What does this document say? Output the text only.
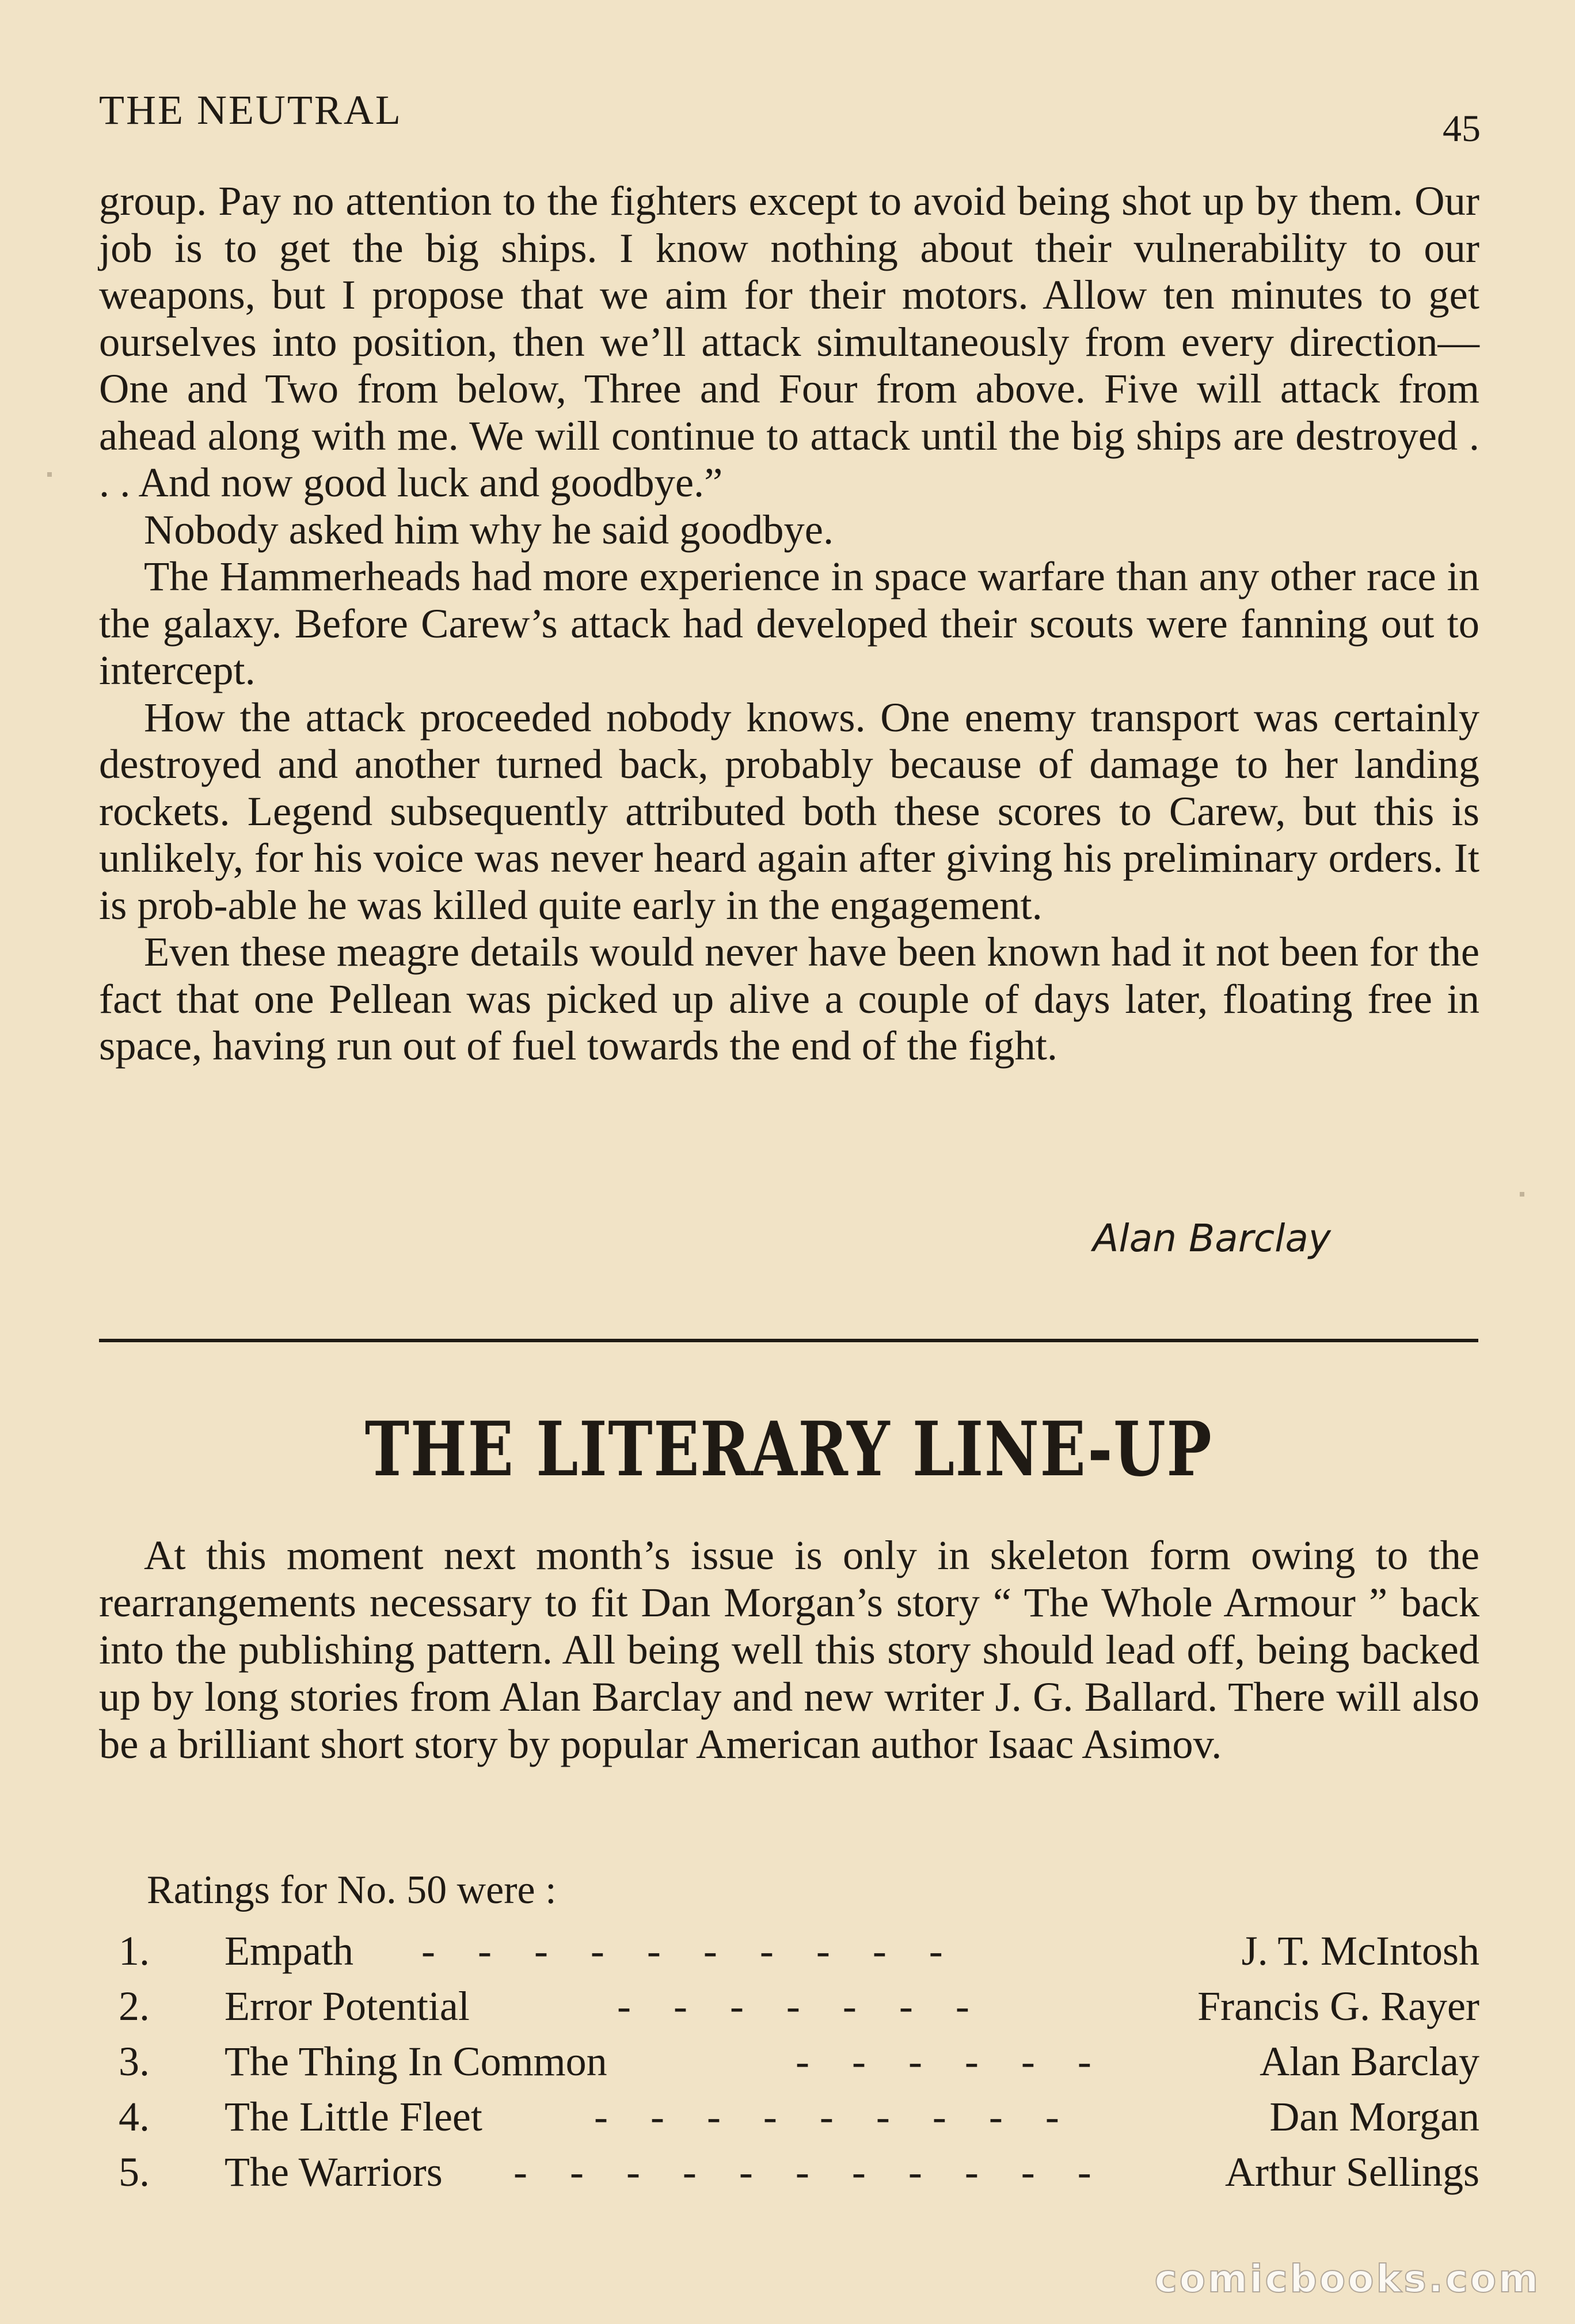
THE NEUTRAL	45

group. Pay no attention to the fighters except to avoid being shot up by them. Our job is to get the big ships. I know nothing about their vulnerability to our weapons, but I propose that we aim for their motors. Allow ten minutes to get ourselves into position, then we’ll attack simultaneously from every direction—One and Two from below, Three and Four from above. Five will attack from ahead along with me. We will continue to attack until the big ships are destroyed . . . And now good luck and goodbye.”

Nobody asked him why he said goodbye.

The Hammerheads had more experience in space warfare than any other race in the galaxy. Before Carew’s attack had developed their scouts were fanning out to intercept.

How the attack proceeded nobody knows. One enemy transport was certainly destroyed and another turned back, probably because of damage to her landing rockets. Legend subsequently attributed both these scores to Carew, but this is unlikely, for his voice was never heard again after giving his preliminary orders. It is prob-able he was killed quite early in the engagement.

Even these meagre details would never have been known had it not been for the fact that one Pellean was picked up alive a couple of days later, floating free in space, having run out of fuel towards the end of the fight.

Alan Barclay
THE LITERARY LINE-UP

At this moment next month’s issue is only in skeleton form owing to the rearrangements necessary to fit Dan Morgan’s story “ The Whole Armour ” back into the publishing pattern. All being well this story should lead off, being backed up by long stories from Alan Barclay and new writer J. G. Ballard. There will also be a brilliant short story by popular American author Isaac Asimov.

Ratings for No. 50 were :
1. Empath - - - - - - - - - -	J. T. McIntosh
2. Error Potential	- - - - - - -	Francis G. Rayer
3. The Thing In Common	- - - - - -	Alan Barclay
4. The Little Fleet	- - - - - - - - -	Dan Morgan
5. The Warriors - - - - - - - - - - -	Arthur Sellings
comicbooks.com
